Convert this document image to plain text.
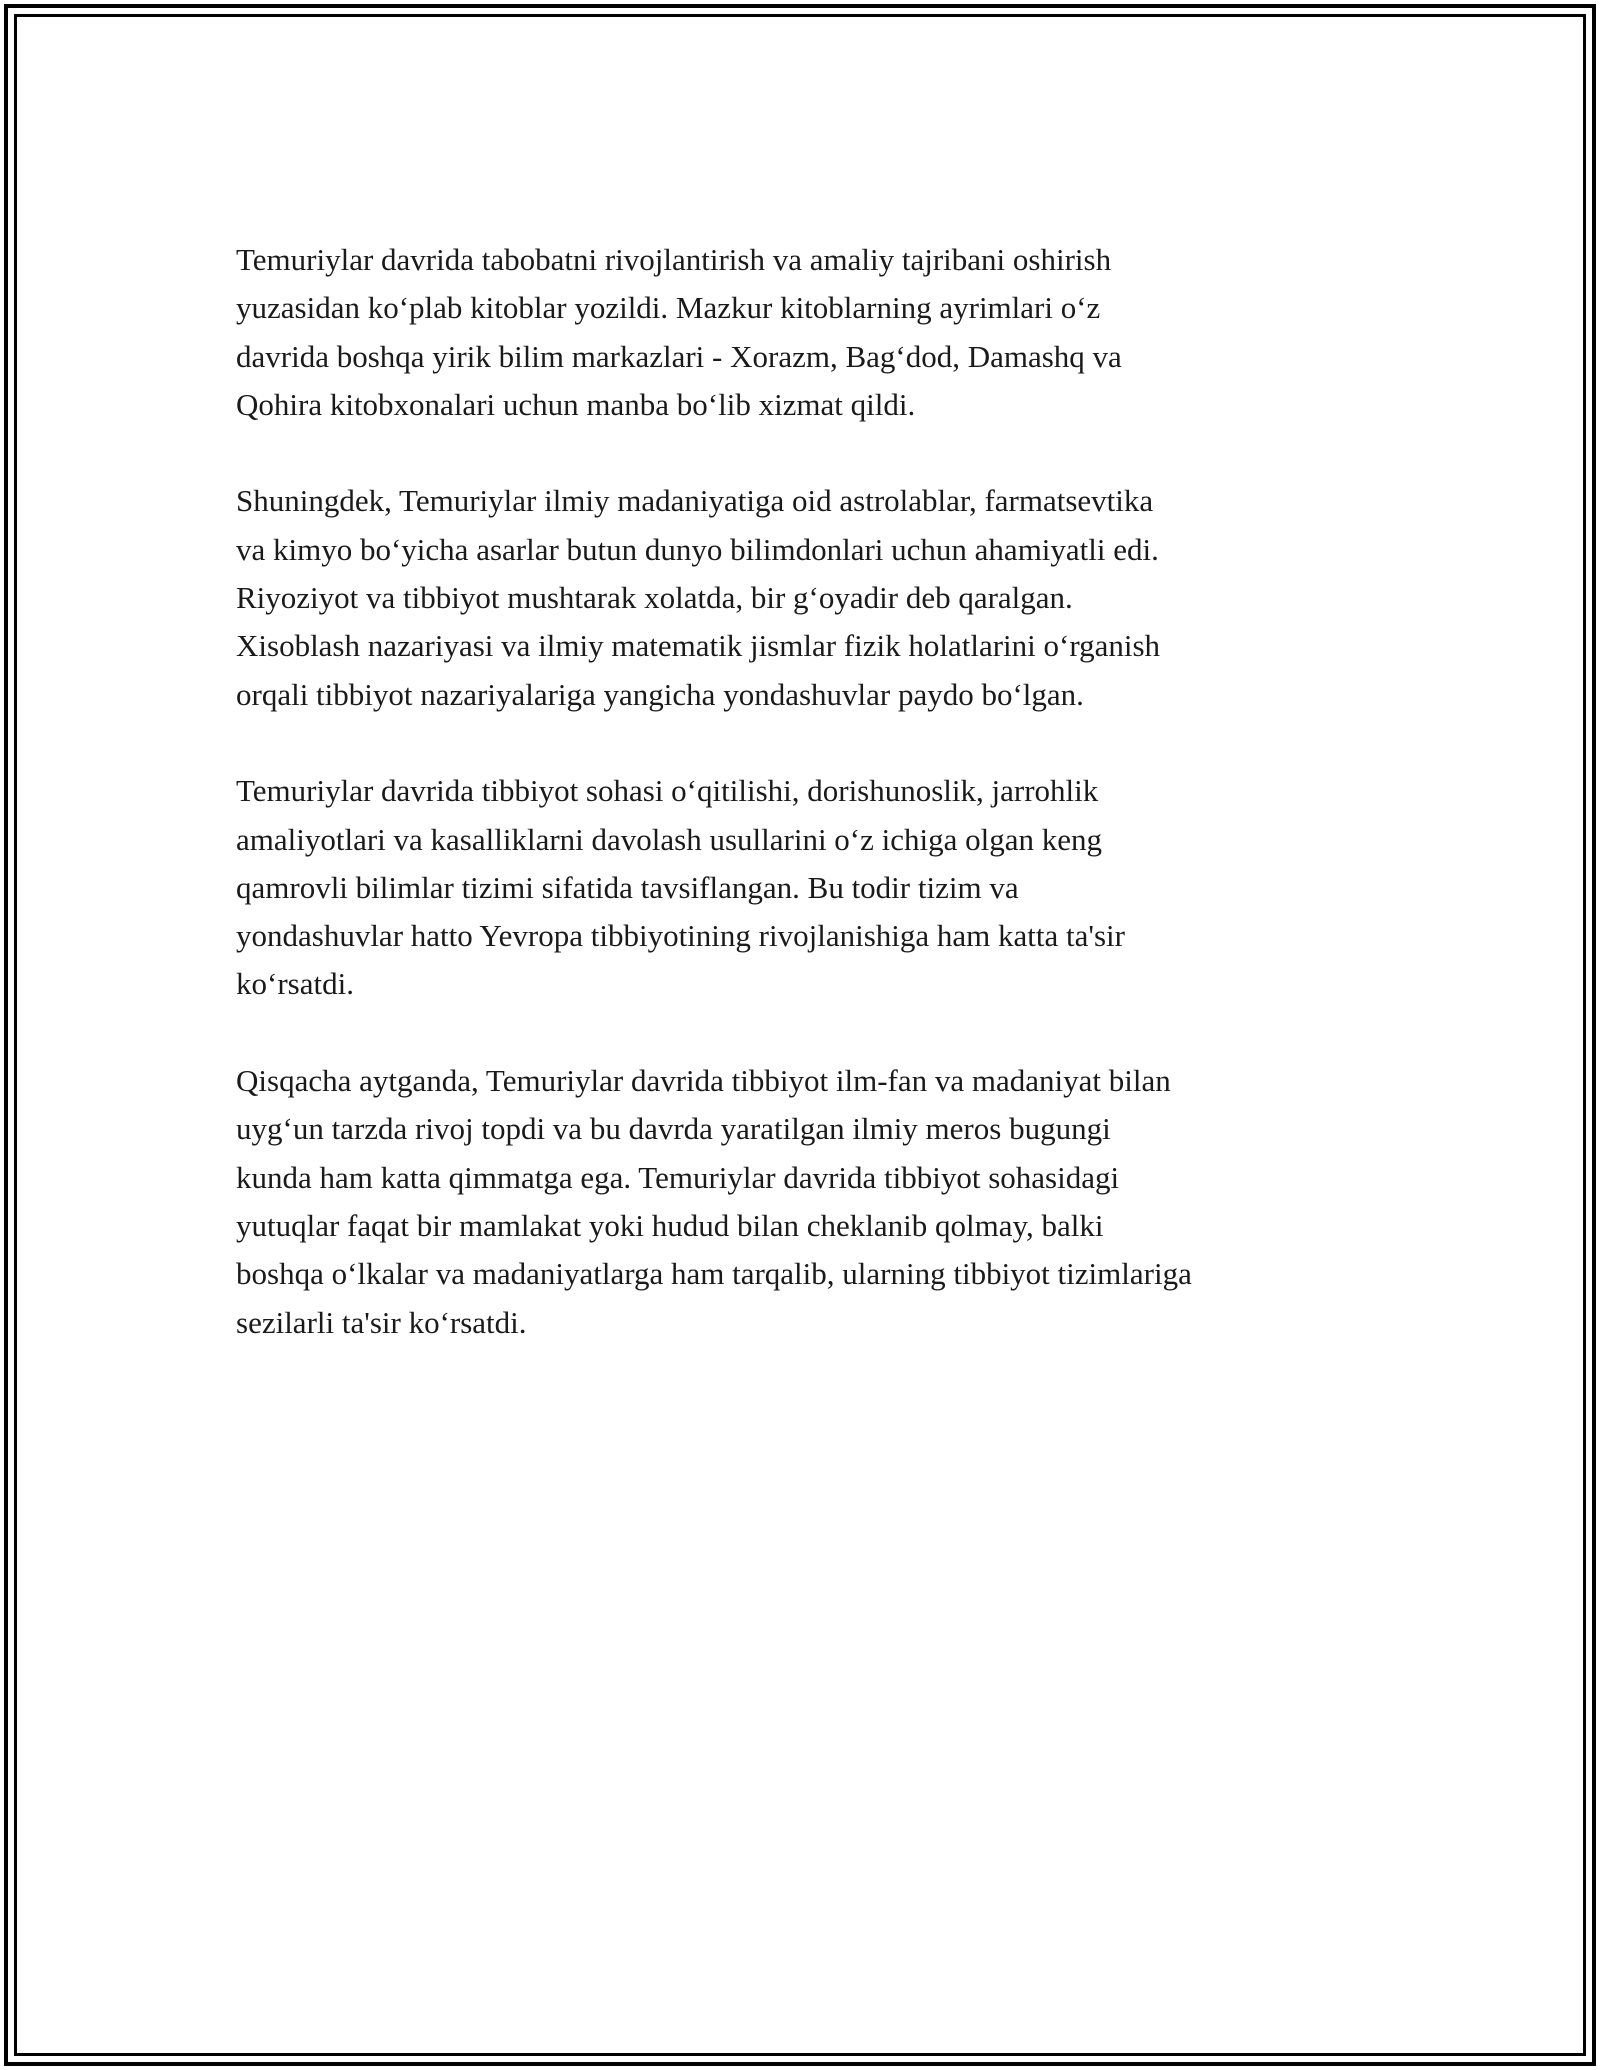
Temuriylar davrida tabobatni rivojlantirish va amaliy tajribani oshirish
yuzasidan ko‘plab kitoblar yozildi. Mazkur kitoblarning ayrimlari o‘z
davrida boshqa yirik bilim markazlari - Xorazm, Bag‘dod, Damashq va
Qohira kitobxonalari uchun manba bo‘lib xizmat qildi.
Shuningdek, Temuriylar ilmiy madaniyatiga oid astrolablar, farmatsevtika
va kimyo bo‘yicha asarlar butun dunyo bilimdonlari uchun ahamiyatli edi.
Riyoziyot va tibbiyot mushtarak xolatda, bir g‘oyadir deb qaralgan.
Xisoblash nazariyasi va ilmiy matematik jismlar fizik holatlarini o‘rganish
orqali tibbiyot nazariyalariga yangicha yondashuvlar paydo bo‘lgan.
Temuriylar davrida tibbiyot sohasi o‘qitilishi, dorishunoslik, jarrohlik
amaliyotlari va kasalliklarni davolash usullarini o‘z ichiga olgan keng
qamrovli bilimlar tizimi sifatida tavsiflangan. Bu todir tizim va
yondashuvlar hatto Yevropa tibbiyotining rivojlanishiga ham katta ta'sir
ko‘rsatdi.
Qisqacha aytganda, Temuriylar davrida tibbiyot ilm-fan va madaniyat bilan
uyg‘un tarzda rivoj topdi va bu davrda yaratilgan ilmiy meros bugungi
kunda ham katta qimmatga ega. Temuriylar davrida tibbiyot sohasidagi
yutuqlar faqat bir mamlakat yoki hudud bilan cheklanib qolmay, balki
boshqa o‘lkalar va madaniyatlarga ham tarqalib, ularning tibbiyot tizimlariga
sezilarli ta'sir ko‘rsatdi.
